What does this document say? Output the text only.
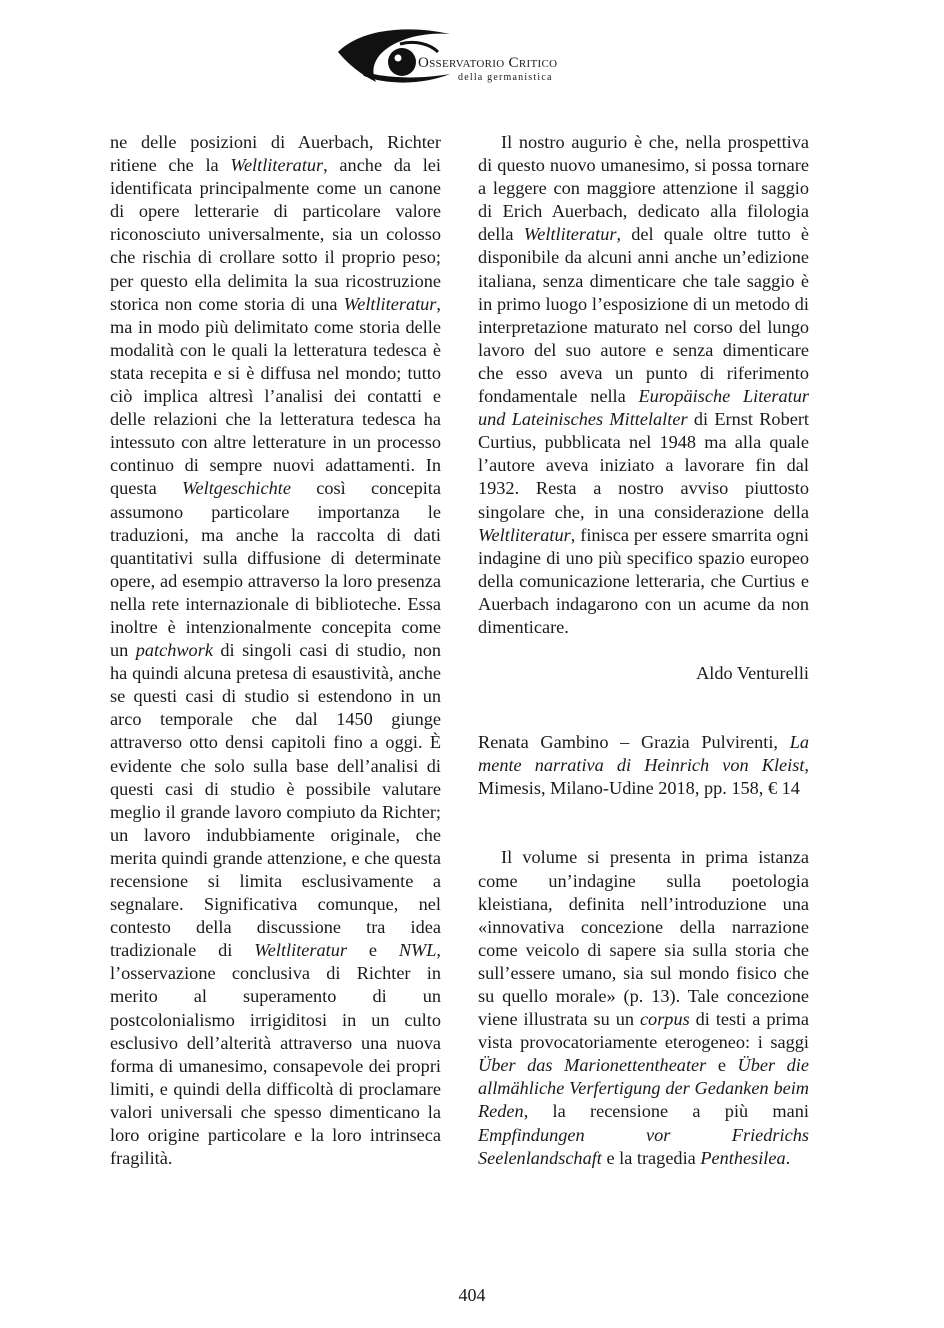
Osservatorio Critico
della germanistica

ne delle posizioni di Auerbach, Richter ritiene che la Weltliteratur, anche da lei identificata principalmente come un canone di opere letterarie di particolare valore riconosciuto universalmente, sia un colosso che rischia di crollare sotto il proprio peso; per questo ella delimita la sua ricostruzione storica non come storia di una Weltliteratur, ma in modo più delimitato come storia delle modalità con le quali la letteratura tedesca è stata recepita e si è diffusa nel mondo; tutto ciò implica altresì l’analisi dei contatti e delle relazioni che la letteratura tedesca ha intessuto con altre letterature in un processo continuo di sempre nuovi adattamenti. In questa Weltgeschichte così concepita assumono particolare importanza le traduzioni, ma anche la raccolta di dati quantitativi sulla diffusione di determinate opere, ad esempio attraverso la loro presenza nella rete internazionale di biblioteche. Essa inoltre è intenzionalmente concepita come un patchwork di singoli casi di studio, non ha quindi alcuna pretesa di esaustività, anche se questi casi di studio si estendono in un arco temporale che dal 1450 giunge attraverso otto densi capitoli fino a oggi. È evidente che solo sulla base dell’analisi di questi casi di studio è possibile valutare meglio il grande lavoro compiuto da Richter; un lavoro indubbiamente originale, che merita quindi grande attenzione, e che questa recensione si limita esclusivamente a segnalare. Significativa comunque, nel contesto della discussione tra idea tradizionale di Weltliteratur e NWL, l’osservazione conclusiva di Richter in merito al superamento di un postcolonialismo irrigiditosi in un culto esclusivo dell’alterità attraverso una nuova forma di umanesimo, consapevole dei propri limiti, e quindi della difficoltà di proclamare valori universali che spesso dimenticano la loro origine particolare e la loro intrinseca fragilità.

Il nostro augurio è che, nella prospettiva di questo nuovo umanesimo, si possa tornare a leggere con maggiore attenzione il saggio di Erich Auerbach, dedicato alla filologia della Weltliteratur, del quale oltre tutto è disponibile da alcuni anni anche un’edizione italiana, senza dimenticare che tale saggio è in primo luogo l’esposizione di un metodo di interpretazione maturato nel corso del lungo lavoro del suo autore e senza dimenticare che esso aveva un punto di riferimento fondamentale nella Europäische Literatur und Lateinisches Mittelalter di Ernst Robert Curtius, pubblicata nel 1948 ma alla quale l’autore aveva iniziato a lavorare fin dal 1932. Resta a nostro avviso piuttosto singolare che, in una considerazione della Weltliteratur, finisca per essere smarrita ogni indagine di uno più specifico spazio europeo della comunicazione letteraria, che Curtius e Auerbach indagarono con un acume da non dimenticare.

Aldo Venturelli

Renata Gambino – Grazia Pulvirenti, La mente narrativa di Heinrich von Kleist, Mimesis, Milano-Udine 2018, pp. 158, € 14

Il volume si presenta in prima istanza come un’indagine sulla poetologia kleistiana, definita nell’introduzione una «innovativa concezione della narrazione come veicolo di sapere sia sulla storia che sull’essere umano, sia sul mondo fisico che su quello morale» (p. 13). Tale concezione viene illustrata su un corpus di testi a prima vista provocatoriamente eterogeneo: i saggi Über das Marionettentheater e Über die allmähliche Verfertigung der Gedanken beim Reden, la recensione a più mani Empfindungen vor Friedrichs Seelenlandschaft e la tragedia Penthesilea.

404
